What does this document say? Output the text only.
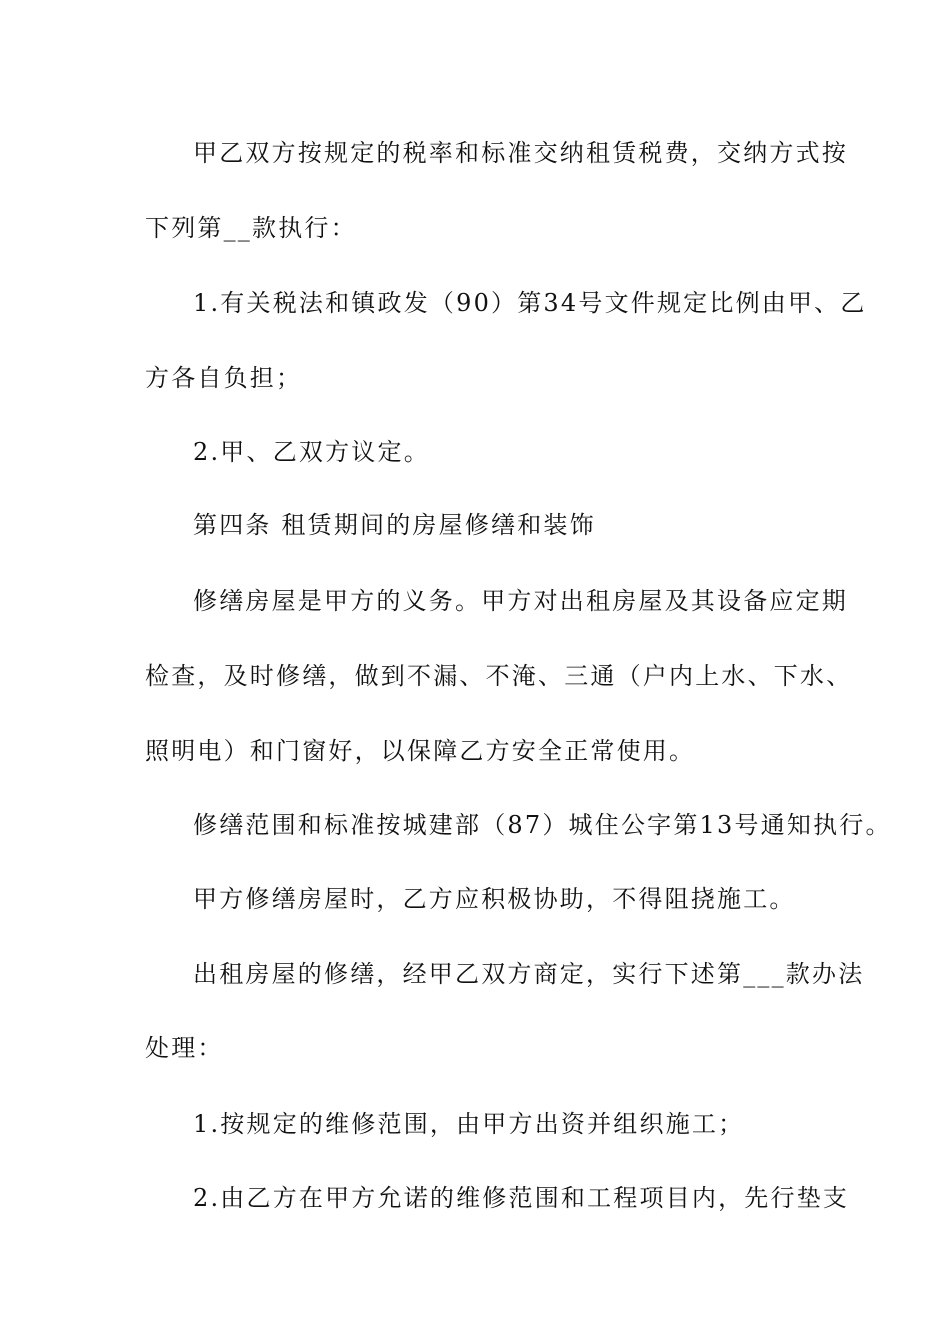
甲乙双方按规定的税率和标准交纳租赁税费，交纳方式按
下列第__款执行：
1.有关税法和镇政发（90）第34号文件规定比例由甲、乙
方各自负担；
2.甲、乙双方议定。
第四条 租赁期间的房屋修缮和装饰
修缮房屋是甲方的义务。甲方对出租房屋及其设备应定期
检查，及时修缮，做到不漏、不淹、三通（户内上水、下水、
照明电）和门窗好，以保障乙方安全正常使用。
修缮范围和标准按城建部（87）城住公字第13号通知执行。
甲方修缮房屋时，乙方应积极协助，不得阻挠施工。
出租房屋的修缮，经甲乙双方商定，实行下述第___款办法
处理：
1.按规定的维修范围，由甲方出资并组织施工；
2.由乙方在甲方允诺的维修范围和工程项目内，先行垫支
